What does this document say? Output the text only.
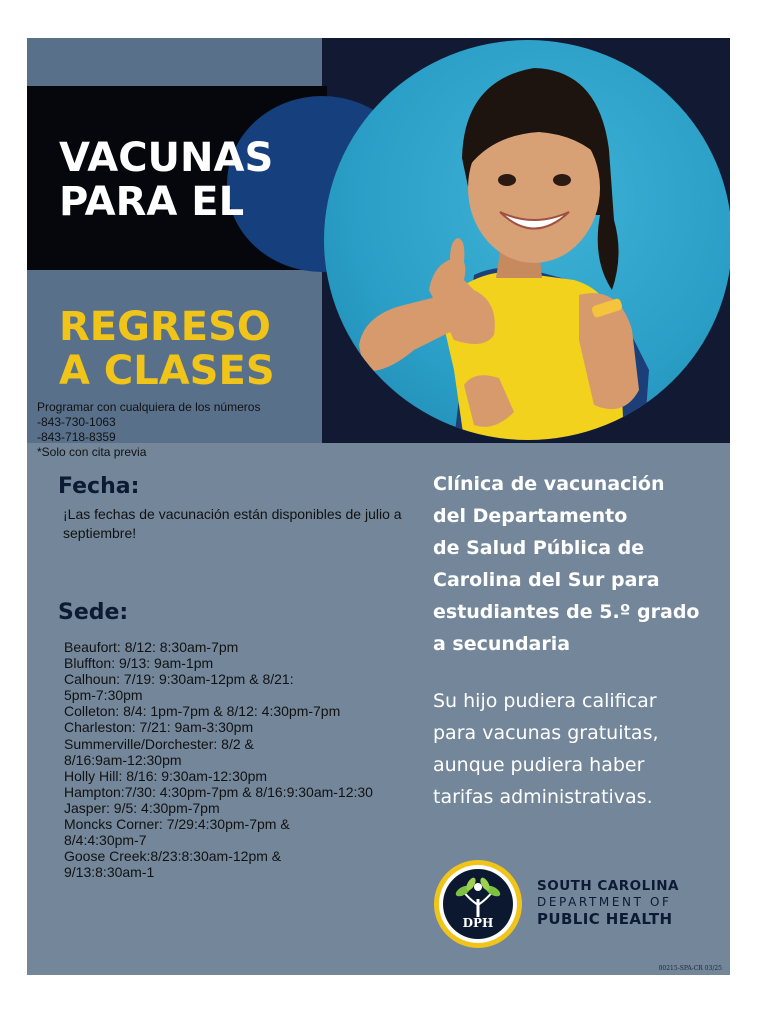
VACUNAS
PARA EL
REGRESO
A CLASES
Programar con cualquiera de los números
-843-730-1063
-843-718-8359
*Solo con cita previa
Fecha:
¡Las fechas de vacunación están disponibles de julio a septiembre!
Sede:
Beaufort: 8/12: 8:30am-7pm
Bluffton: 9/13: 9am-1pm
Calhoun: 7/19: 9:30am-12pm & 8/21:
5pm-7:30pm
Colleton: 8/4: 1pm-7pm & 8/12: 4:30pm-7pm
Charleston: 7/21: 9am-3:30pm
Summerville/Dorchester: 8/2 &
8/16:9am-12:30pm
Holly Hill: 8/16: 9:30am-12:30pm
Hampton:7/30: 4:30pm-7pm & 8/16:9:30am-12:30
Jasper: 9/5: 4:30pm-7pm
Moncks Corner: 7/29:4:30pm-7pm &
8/4:4:30pm-7
Goose Creek:8/23:8:30am-12pm &
9/13:8:30am-1
Clínica de vacunación
del Departamento
de Salud Pública de
Carolina del Sur para
estudiantes de 5.º grado
a secundaria
Su hijo pudiera calificar
para vacunas gratuitas,
aunque pudiera haber
tarifas administrativas.
DPH
SOUTH CAROLINA
DEPARTMENT OF
PUBLIC HEALTH
00215-SPA-CR 03/25
